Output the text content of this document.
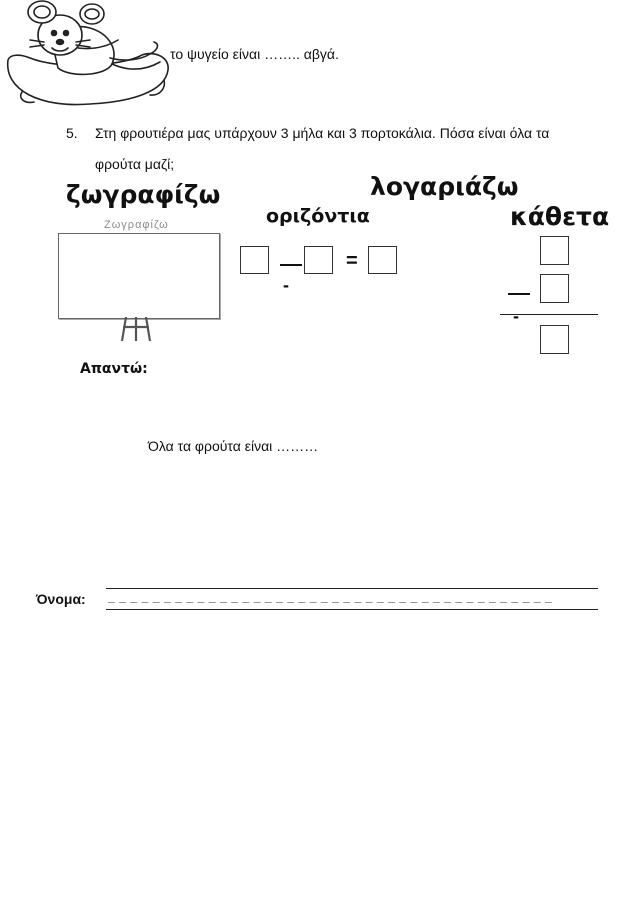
το ψυγείο είναι …….. αβγά.
5. Στη φρουτιέρα μας υπάρχουν 3 μήλα και 3 πορτοκάλια. Πόσα είναι όλα τα
φρούτα μαζί;
ζωγραφίζω
Ζωγραφίζω
λογαριάζω
οριζόντια	κάθετα
-
=
-
Απαντώ:
Όλα τα φρούτα είναι ………
Όνομα: _ _ _ _ _ _ _ _ _ _ _ _ _ _ _ _ _ _ _ _ _ _ _ _ _ _ _ _ _ _ _ _ _ _ _ _ _ _ _ _
